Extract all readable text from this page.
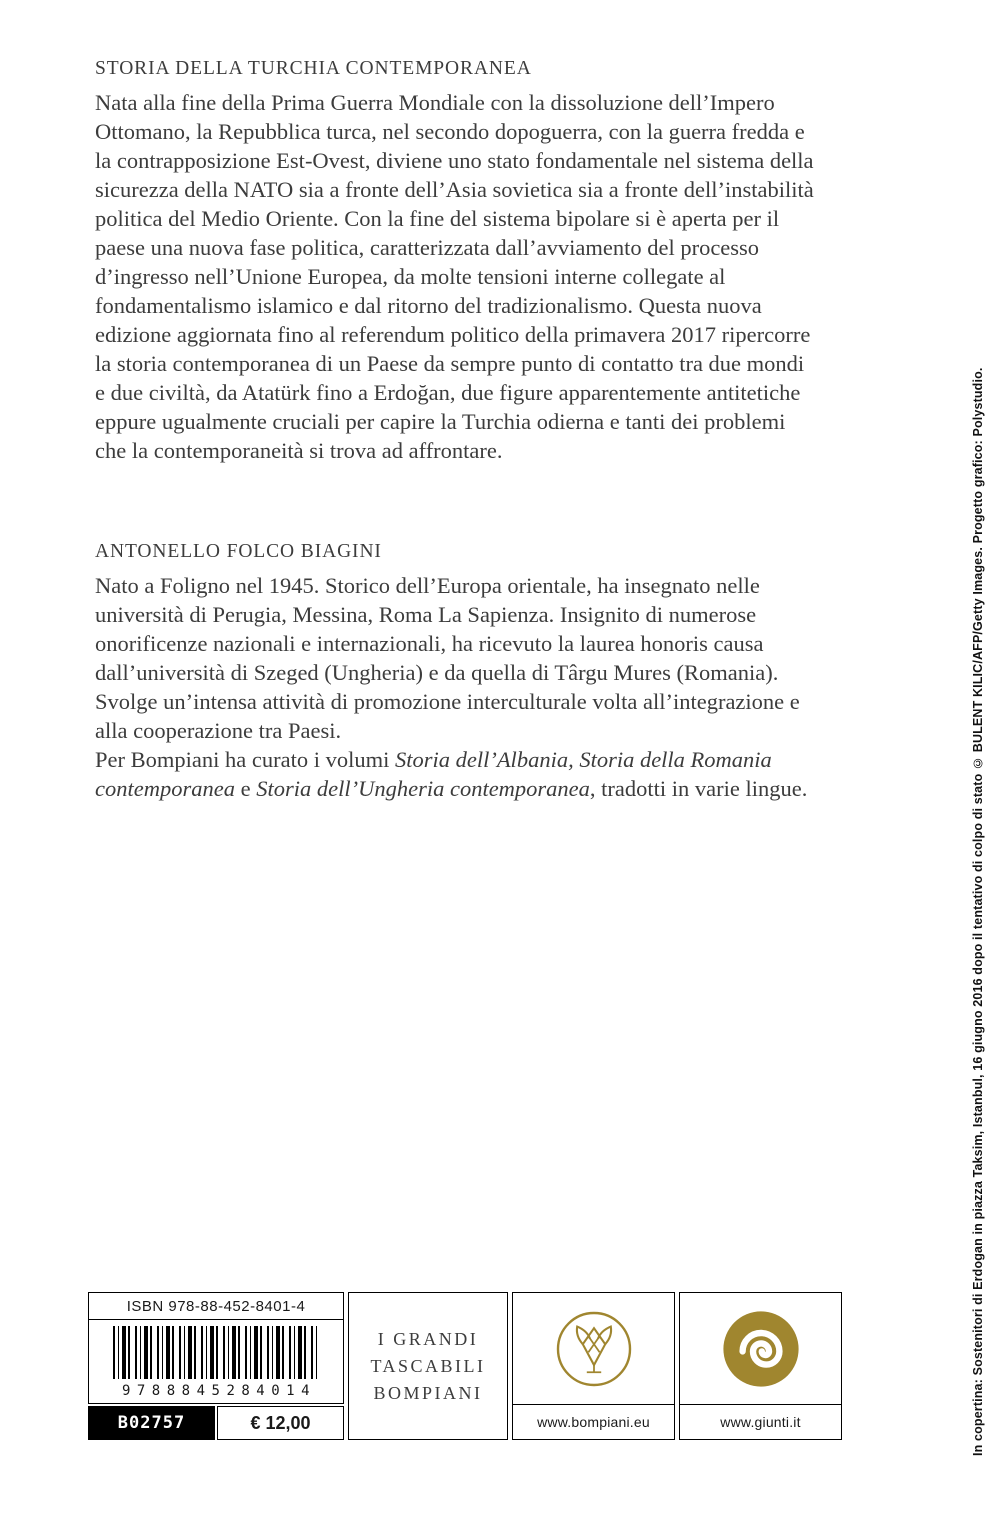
STORIA DELLA TURCHIA CONTEMPORANEA

Nata alla fine della Prima Guerra Mondiale con la dissoluzione dell’Impero Ottomano, la Repubblica turca, nel secondo dopoguerra, con la guerra fredda e la contrapposizione Est-Ovest, diviene uno stato fondamentale nel sistema della sicurezza della NATO sia a fronte dell’Asia sovietica sia a fronte dell’instabilità politica del Medio Oriente. Con la fine del sistema bipolare si è aperta per il paese una nuova fase politica, caratterizzata dall’avviamento del processo d’ingresso nell’Unione Europea, da molte tensioni interne collegate al fondamentalismo islamico e dal ritorno del tradizionalismo. Questa nuova edizione aggiornata fino al referendum politico della primavera 2017 ripercorre la storia contemporanea di un Paese da sempre punto di contatto tra due mondi e due civiltà, da Atatürk fino a Erdoğan, due figure apparentemente antitetiche eppure ugualmente cruciali per capire la Turchia odierna e tanti dei problemi che la contemporaneità si trova ad affrontare.

ANTONELLO FOLCO BIAGINI

Nato a Foligno nel 1945. Storico dell’Europa orientale, ha insegnato nelle università di Perugia, Messina, Roma La Sapienza. Insignito di numerose onorificenze nazionali e internazionali, ha ricevuto la laurea honoris causa dall’università di Szeged (Ungheria) e da quella di Târgu Mures (Romania). Svolge un’intensa attività di promozione interculturale volta all’integrazione e alla cooperazione tra Paesi.

Per Bompiani ha curato i volumi Storia dell’Albania, Storia della Romania contemporanea e Storia dell’Ungheria contemporanea, tradotti in varie lingue.	In copertina: Sostenitori di Erdogan in piazza Taksim, Istanbul, 16 giugno 2016 dopo il tentativo di colpo di stato © BULENT KILIC/AFP/Getty Images. Progetto grafico: Polystudio.
ISBN 978-88-452-8401-4
9788845284014
B02757	€ 12,00
I GRANDI
TASCABILI
BOMPIANI
www.bompiani.eu	www.giunti.it
